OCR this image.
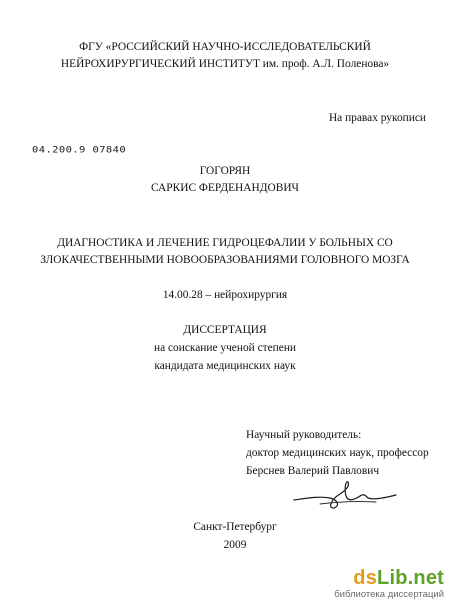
ФГУ «РОССИЙСКИЙ НАУЧНО-ИССЛЕДОВАТЕЛЬСКИЙ
НЕЙРОХИРУРГИЧЕСКИЙ ИНСТИТУТ им. проф. А.Л. Поленова»
На правах рукописи
04.200.9 07840
ГОГОРЯН
САРКИС ФЕРДЕНАНДОВИЧ
ДИАГНОСТИКА И ЛЕЧЕНИЕ ГИДРОЦЕФАЛИИ У БОЛЬНЫХ СО
ЗЛОКАЧЕСТВЕННЫМИ НОВООБРАЗОВАНИЯМИ ГОЛОВНОГО МОЗГА
14.00.28 – нейрохирургия
ДИССЕРТАЦИЯ
на соискание ученой степени
кандидата медицинских наук
Научный руководитель:
доктор медицинских наук, профессор
Берснев Валерий Павлович
Санкт-Петербург
2009
dsLib.net
библиотека диссертаций
